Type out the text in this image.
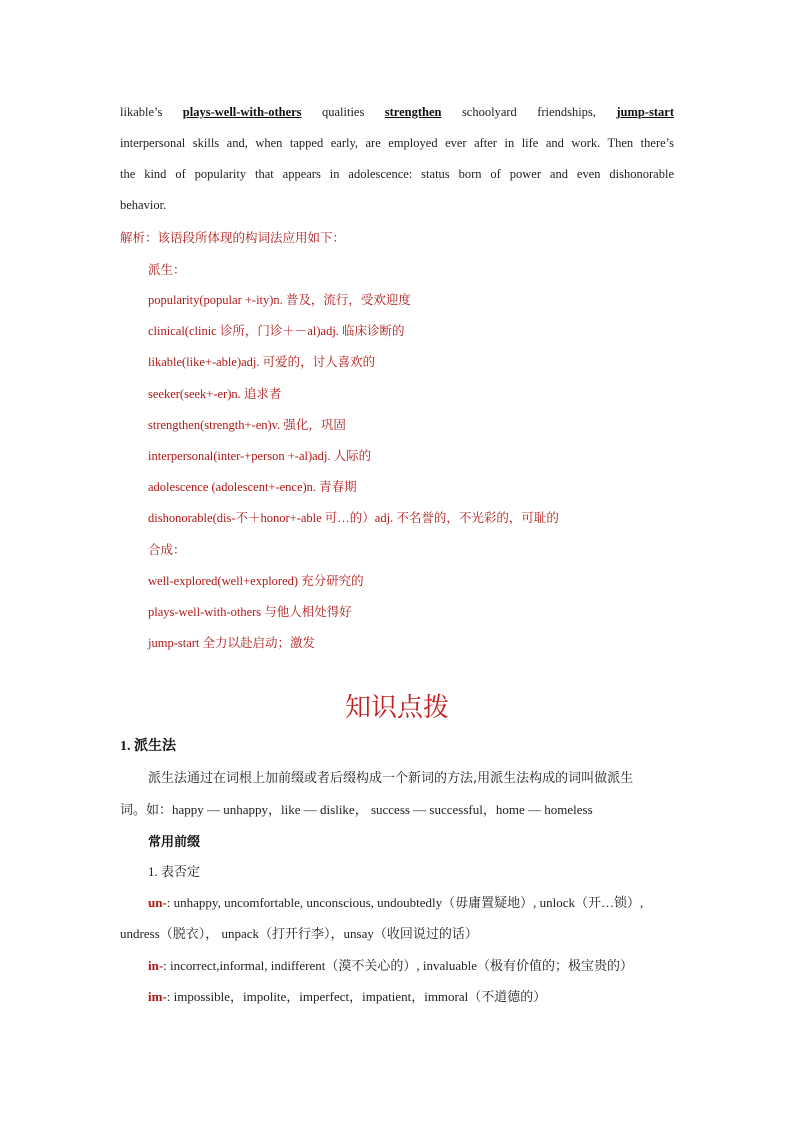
likable’s plays-well-with-others qualities strengthen schoolyard friendships, jump-start
interpersonal skills and, when tapped early, are employed ever after in life and work. Then there’s
the kind of popularity that appears in adolescence: status born of power and even dishonorable
behavior.
解析：该语段所体现的构词法应用如下：
派生：
popularity(popular +-ity)n. 普及，流行，受欢迎度
clinical(clinic 诊所，门诊＋－al)adj. 临床诊断的
likable(like+-able)adj. 可爱的，讨人喜欢的
seeker(seek+-er)n. 追求者
strengthen(strength+-en)v. 强化，巩固
interpersonal(inter-+person +-al)adj. 人际的
adolescence (adolescent+-ence)n. 青春期
dishonorable(dis-不＋honor+-able 可…的）adj. 不名誉的，不光彩的，可耻的
合成：
well-explored(well+explored) 充分研究的
plays-well-with-others 与他人相处得好
jump-start 全力以赴启动；激发
知识点拨
1. 派生法
派生法通过在词根上加前缀或者后缀构成一个新词的方法,用派生法构成的词叫做派生
词。如：happy — unhappy，like — dislike， success — successful，home — homeless
常用前缀
1. 表否定
un-: unhappy, uncomfortable, unconscious, undoubtedly（毋庸置疑地）, unlock（开…锁）,
undress（脱衣）， unpack（打开行李），unsay（收回说过的话）
in-: incorrect,informal, indifferent（漠不关心的）, invaluable（极有价值的；极宝贵的）
im-: impossible，impolite，imperfect，impatient，immoral（不道德的）
